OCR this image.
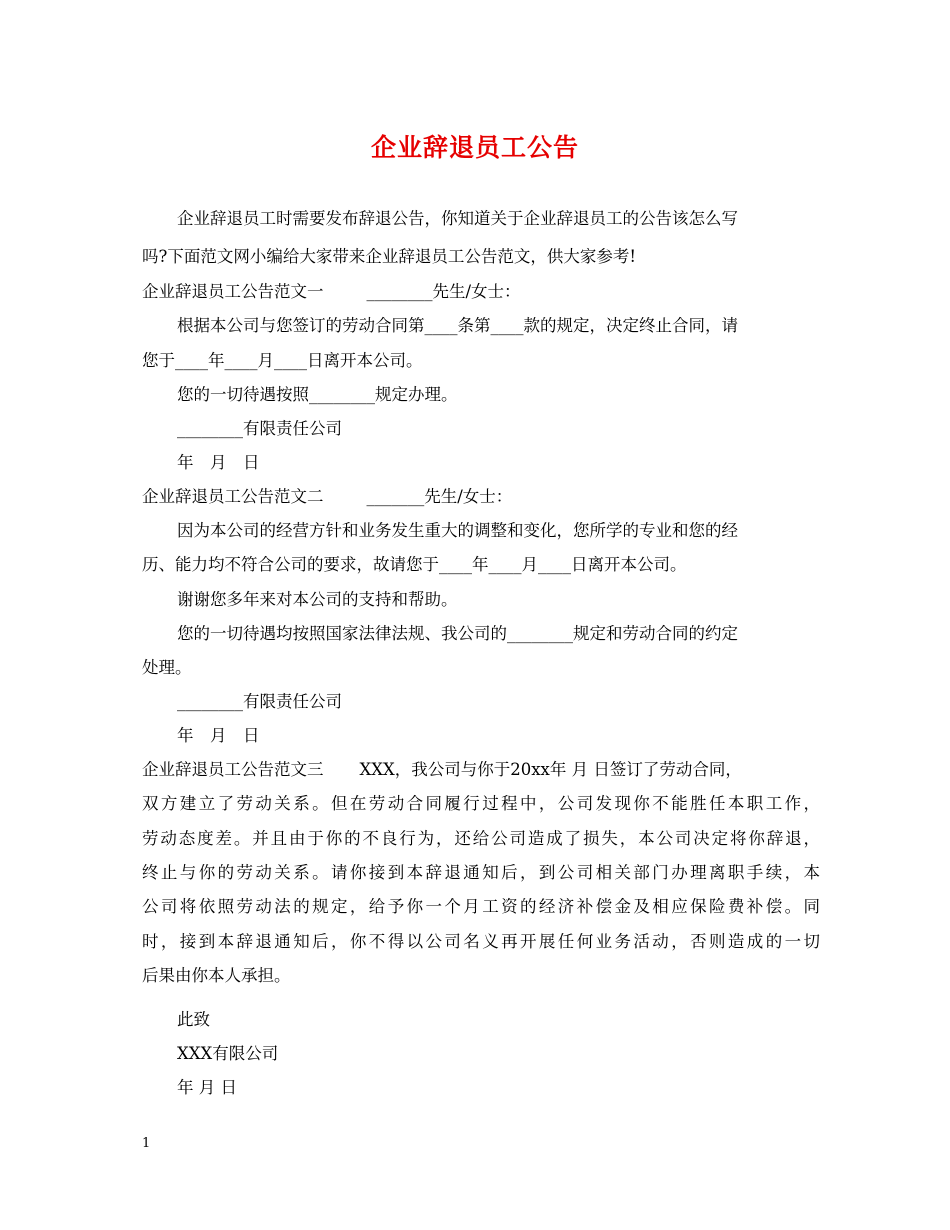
企业辞退员工公告
企业辞退员工时需要发布辞退公告，你知道关于企业辞退员工的公告该怎么写
吗?下面范文网小编给大家带来企业辞退员工公告范文，供大家参考!
企业辞退员工公告范文一	________先生/女士：
根据本公司与您签订的劳动合同第____条第____款的规定，决定终止合同，请
您于____年____月____日离开本公司。
您的一切待遇按照________规定办理。
________有限责任公司
年　月　日
企业辞退员工公告范文二	_______先生/女士：
因为本公司的经营方针和业务发生重大的调整和变化，您所学的专业和您的经
历、能力均不符合公司的要求，故请您于____年____月____日离开本公司。
谢谢您多年来对本公司的支持和帮助。
您的一切待遇均按照国家法律法规、我公司的________规定和劳动合同的约定
处理。
________有限责任公司
年　月　日
企业辞退员工公告范文三 XXX，我公司与你于20xx年 月 日签订了劳动合同，
双方建立了劳动关系。但在劳动合同履行过程中，公司发现你不能胜任本职工作，
劳动态度差。并且由于你的不良行为，还给公司造成了损失，本公司决定将你辞退，
终止与你的劳动关系。请你接到本辞退通知后，到公司相关部门办理离职手续，本
公司将依照劳动法的规定，给予你一个月工资的经济补偿金及相应保险费补偿。同
时，接到本辞退通知后，你不得以公司名义再开展任何业务活动，否则造成的一切
后果由你本人承担。
此致
XXX有限公司
年 月 日
1
